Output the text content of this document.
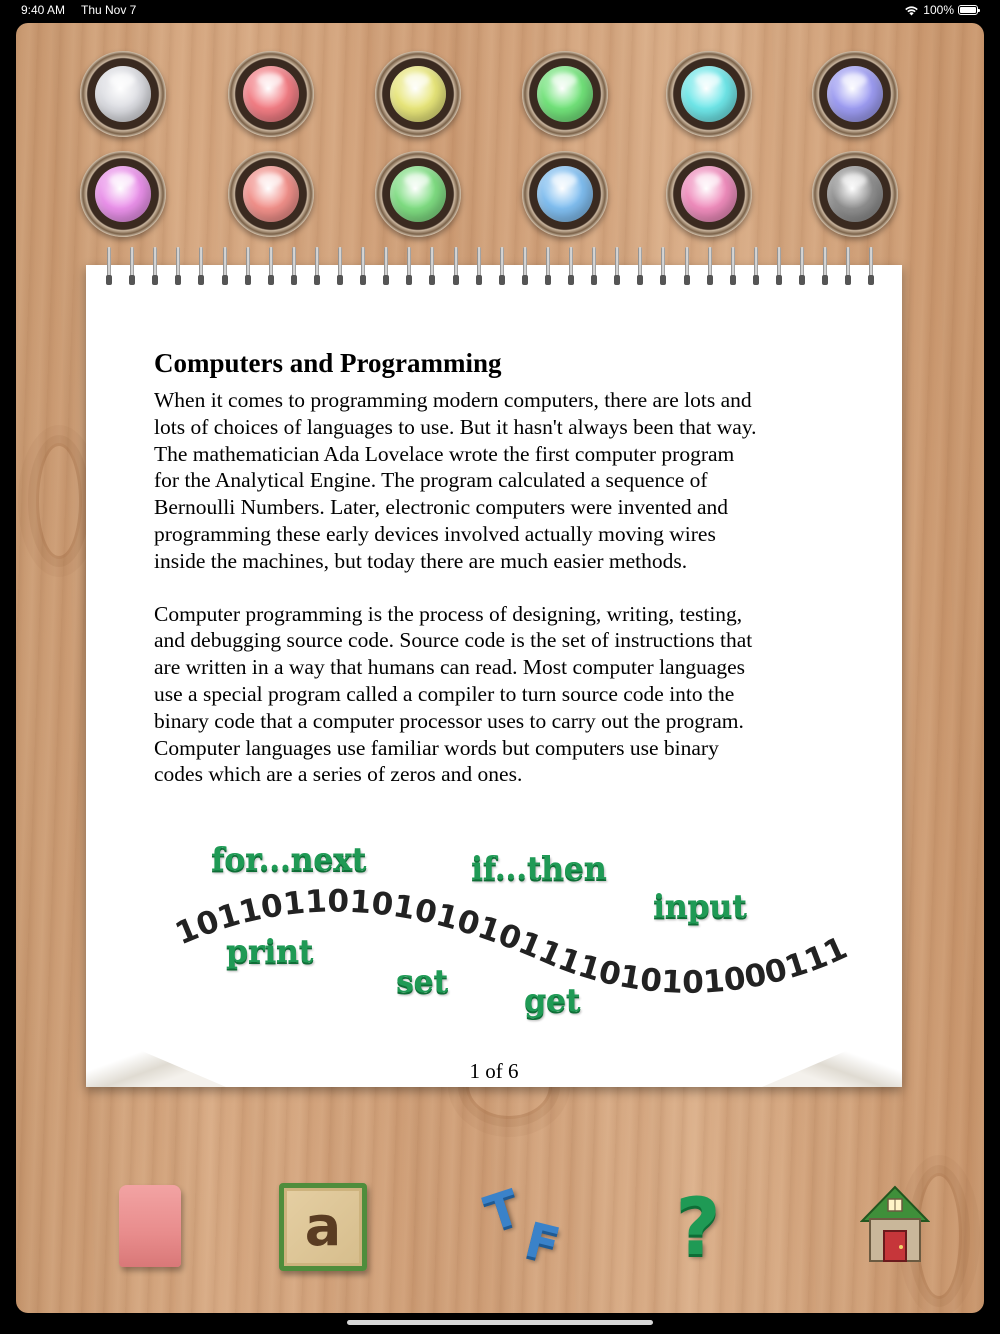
9:40 AM Thu Nov 7	100%
Computers and Programming

When it comes to programming modern computers, there are lots and
lots of choices of languages to use. But it hasn't always been that way.
The mathematician Ada Lovelace wrote the first computer program
for the Analytical Engine. The program calculated a sequence of
Bernoulli Numbers. Later, electronic computers were invented and
programming these early devices involved actually moving wires
inside the machines, but today there are much easier methods.

Computer programming is the process of designing, writing, testing,
and debugging source code. Source code is the set of instructions that
are written in a way that humans can read. Most computer languages
use a special program called a compiler to turn source code into the
binary code that a computer processor uses to carry out the program.
Computer languages use familiar words but computers use binary
codes which are a series of zeros and ones.

101101101010101011110101010001111
for...next	if...then
input
print
set get
1 of 6
a	T
F ?
